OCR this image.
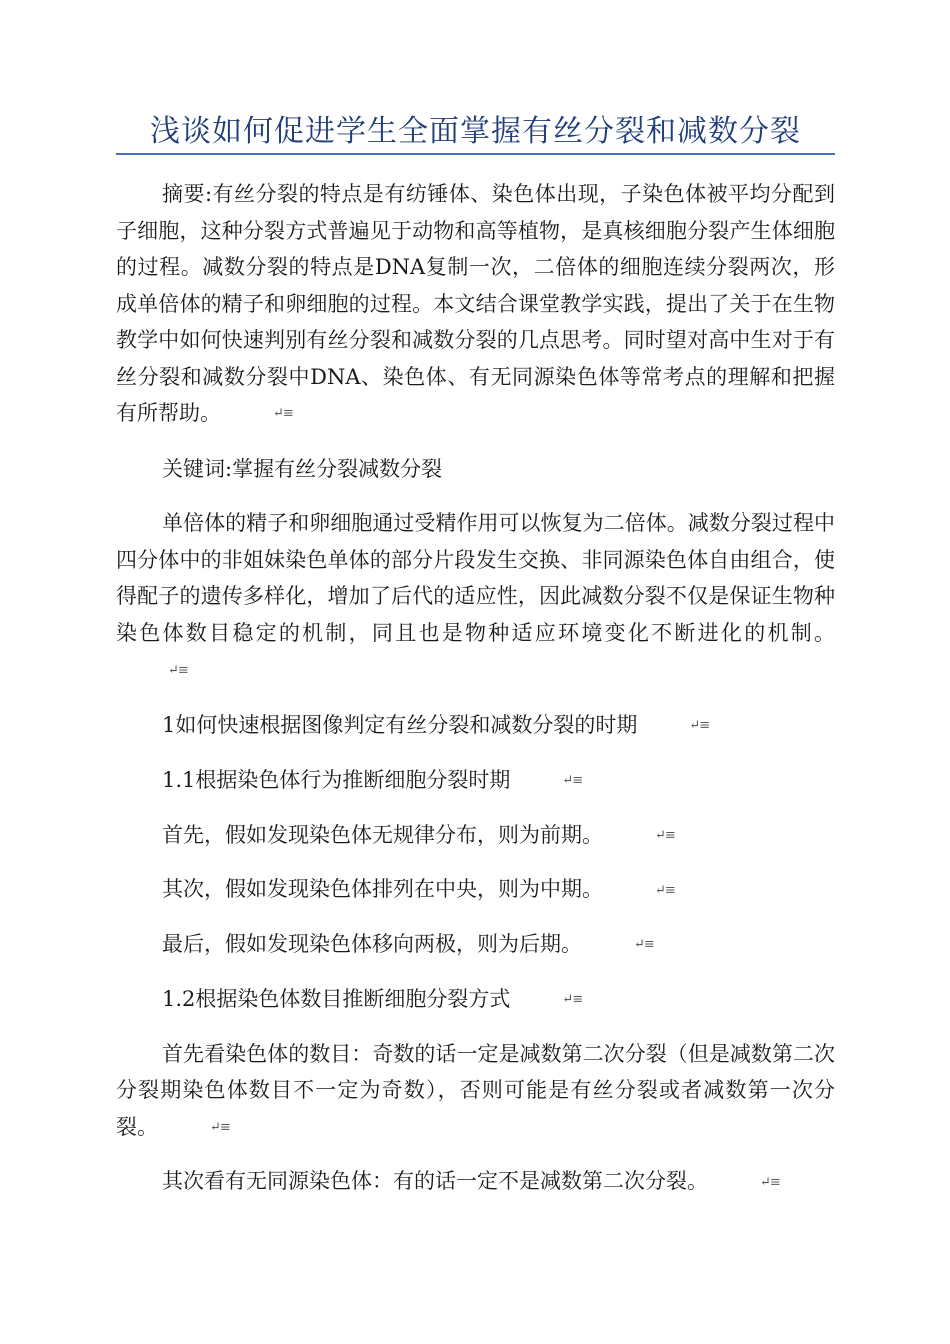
浅谈如何促进学生全面掌握有丝分裂和减数分裂

摘要:有丝分裂的特点是有纺锤体、染色体出现，子染色体被平均分配到子细胞，这种分裂方式普遍见于动物和高等植物，是真核细胞分裂产生体细胞的过程。减数分裂的特点是DNA复制一次，二倍体的细胞连续分裂两次，形成单倍体的精子和卵细胞的过程。本文结合课堂教学实践，提出了关于在生物教学中如何快速判别有丝分裂和减数分裂的几点思考。同时望对高中生对于有丝分裂和减数分裂中DNA、染色体、有无同源染色体等常考点的理解和把握有所帮助。	↵≡

关键词:掌握有丝分裂减数分裂

单倍体的精子和卵细胞通过受精作用可以恢复为二倍体。减数分裂过程中四分体中的非姐妹染色单体的部分片段发生交换、非同源染色体自由组合，使得配子的遗传多样化，增加了后代的适应性，因此减数分裂不仅是保证生物种染色体数目稳定的机制，同且也是物种适应环境变化不断进化的机制。↵≡

1如何快速根据图像判定有丝分裂和减数分裂的时期	↵≡

1.1根据染色体行为推断细胞分裂时期	↵≡

首先，假如发现染色体无规律分布，则为前期。	↵≡

其次，假如发现染色体排列在中央，则为中期。	↵≡

最后，假如发现染色体移向两极，则为后期。	↵≡

1.2根据染色体数目推断细胞分裂方式	↵≡

首先看染色体的数目：奇数的话一定是减数第二次分裂（但是减数第二次分裂期染色体数目不一定为奇数），否则可能是有丝分裂或者减数第一次分裂。	↵≡

其次看有无同源染色体：有的话一定不是减数第二次分裂。	↵≡
